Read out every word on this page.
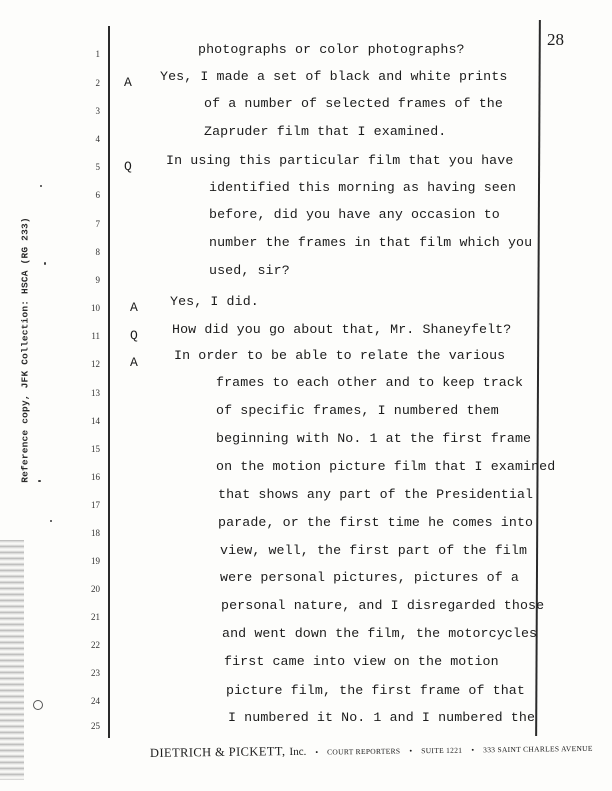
Reference copy, JFK Collection: HSCA (RG 233)
28
1
2
3
4
5
6
7
8
9
10
11
12
13
14
15
16
17
18
19
20
21
22
23
24
25
A
Q
A
Q
A
photographs or color photographs?
Yes, I made a set of black and white prints
of a number of selected frames of the
Zapruder film that I examined.
In using this particular film that you have
identified this morning as having seen
before, did you have any occasion to
number the frames in that film which you
used, sir?
Yes, I did.
How did you go about that, Mr. Shaneyfelt?
In order to be able to relate the various
frames to each other and to keep track
of specific frames, I numbered them
beginning with No. 1 at the first frame
on the motion picture film that I examined
that shows any part of the Presidential
parade, or the first time he comes into
view, well, the first part of the film
were personal pictures, pictures of a
personal nature, and I disregarded those
and went down the film, the motorcycles
first came into view on the motion
picture film, the first frame of that
I numbered it No. 1 and I numbered the
DIETRICH & PICKETT, Inc. • COURT REPORTERS • SUITE 1221 • 333 SAINT CHARLES AVENUE
